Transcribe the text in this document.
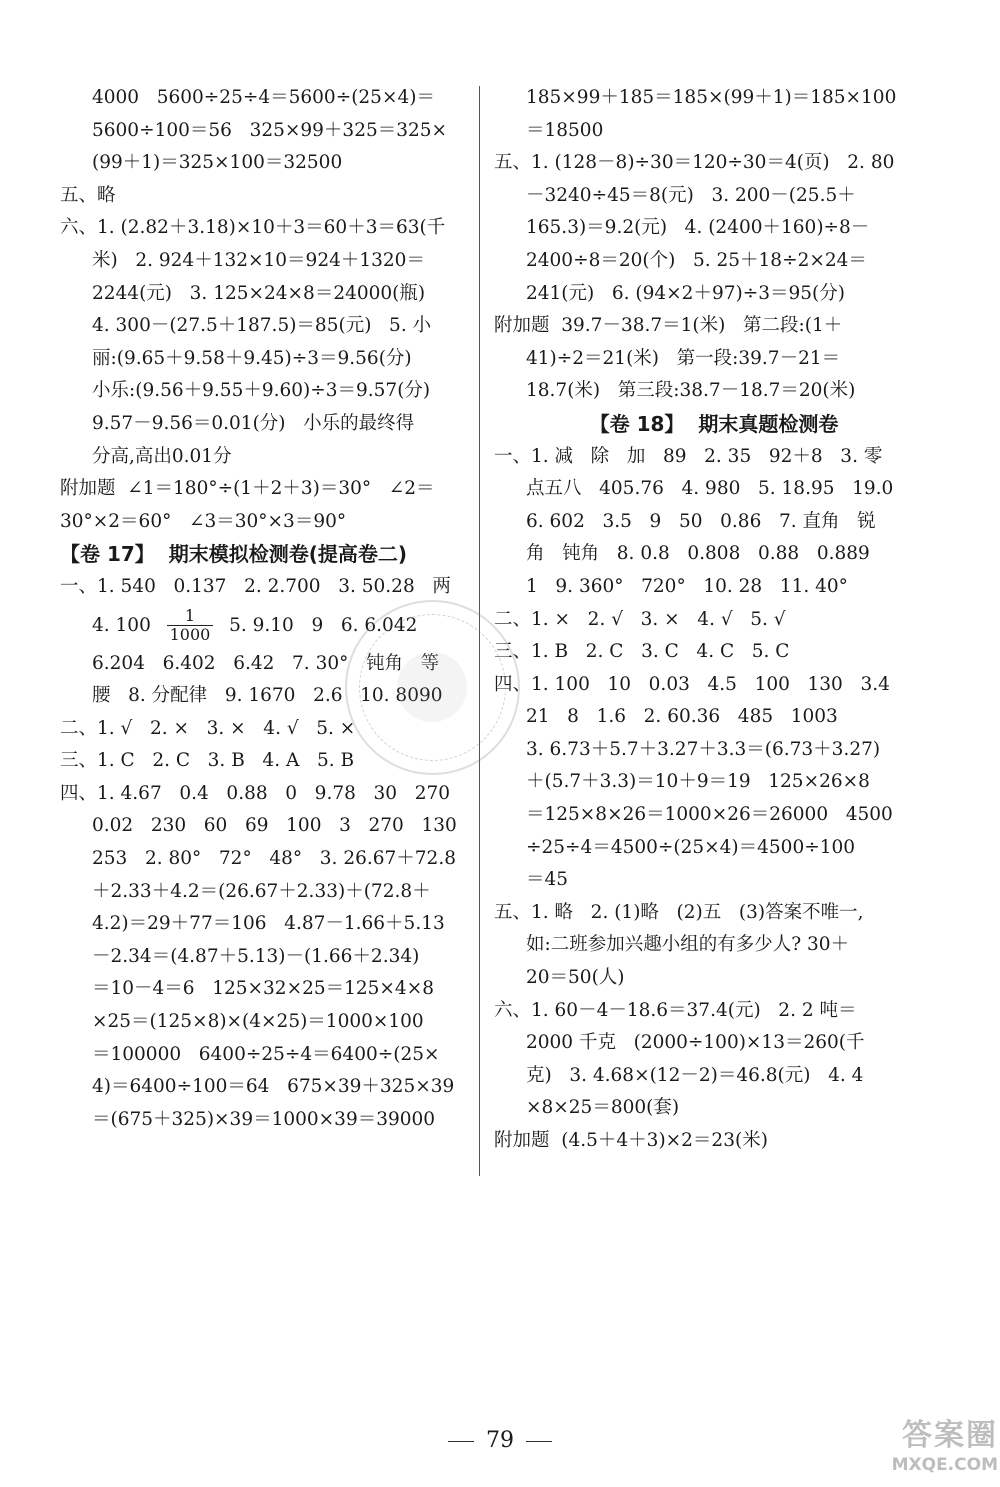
4000   5600÷25÷4＝5600÷(25×4)＝
5600÷100＝56   325×99＋325＝325×
(99＋1)＝325×100＝32500
五、略
六、1. (2.82＋3.18)×10＋3＝60＋3＝63(千
米)   2. 924＋132×10＝924＋1320＝
2244(元)   3. 125×24×8＝24000(瓶)
4. 300－(27.5＋187.5)＝85(元)   5. 小
丽:(9.65＋9.58＋9.45)÷3＝9.56(分)
小乐:(9.56＋9.55＋9.60)÷3＝9.57(分)
9.57－9.56＝0.01(分)   小乐的最终得
分高,高出0.01分
附加题  ∠1＝180°÷(1＋2＋3)＝30°   ∠2＝
30°×2＝60°   ∠3＝30°×3＝90°
【卷 17】  期末模拟检测卷(提高卷二)
一、1. 540   0.137   2. 2.700   3. 50.28   两
4. $100 \frac{1}{1000} 5$. 9.10   9   6. 6.042
6.204   6.402   6.42   7. 30°   钝角   等
腰   8. 分配律   9. 1670   2.6   10. 8090
二、1. √   2. ×   3. ×   4. √   5. ×
三、1. C   2. C   3. B   4. A   5. B
四、1. 4.67   0.4   0.88   0   9.78   30   270
0.02   230   60   69   100   3   270   130
253   2. 80°   72°   48°   3. 26.67＋72.8
＋2.33＋4.2＝(26.67＋2.33)＋(72.8＋
4.2)＝29＋77＝106   4.87－1.66＋5.13
－2.34＝(4.87＋5.13)－(1.66＋2.34)
＝10－4＝6   125×32×25＝125×4×8
×25＝(125×8)×(4×25)＝1000×100
＝100000   6400÷25÷4＝6400÷(25×
4)＝6400÷100＝64   675×39＋325×39
＝(675＋325)×39＝1000×39＝39000
185×99＋185＝185×(99＋1)＝185×100
＝18500
五、1. (128－8)÷30＝120÷30＝4(页)   2. 80
－3240÷45＝8(元)   3. 200－(25.5＋
165.3)＝9.2(元)   4. (2400＋160)÷8－
2400÷8＝20(个)   5. 25＋18÷2×24＝
241(元)   6. (94×2＋97)÷3＝95(分)
附加题  39.7－38.7＝1(米)   第二段:(1＋
41)÷2＝21(米)   第一段:39.7－21＝
18.7(米)   第三段:38.7－18.7＝20(米)
【卷 18】  期末真题检测卷
一、1. 减   除   加   89   2. 35   92＋8   3. 零
点五八   405.76   4. 980   5. 18.95   19.0
6. 602   3.5   9   50   0.86   7. 直角   锐
角   钝角   8. 0.8   0.808   0.88   0.889
1   9. 360°   720°   10. 28   11. 40°
二、1. ×   2. √   3. ×   4. √   5. √
三、1. B   2. C   3. C   4. C   5. C
四、1. 100   10   0.03   4.5   100   130   3.4
21   8   1.6   2. 60.36   485   1003
3. 6.73＋5.7＋3.27＋3.3＝(6.73＋3.27)
＋(5.7＋3.3)＝10＋9＝19   125×26×8
＝125×8×26＝1000×26＝26000   4500
÷25÷4＝4500÷(25×4)＝4500÷100
＝45
五、1. 略   2. (1)略   (2)五   (3)答案不唯一,
如:二班参加兴趣小组的有多少人? 30＋
20＝50(人)
六、1. 60－4－18.6＝37.4(元)   2. 2 吨＝
2000 千克   (2000÷100)×13＝260(千
克)   3. 4.68×(12－2)＝46.8(元)   4. 4
×8×25＝800(套)
附加题  (4.5＋4＋3)×2＝23(米)
79	答案圈
MXQE.COM
